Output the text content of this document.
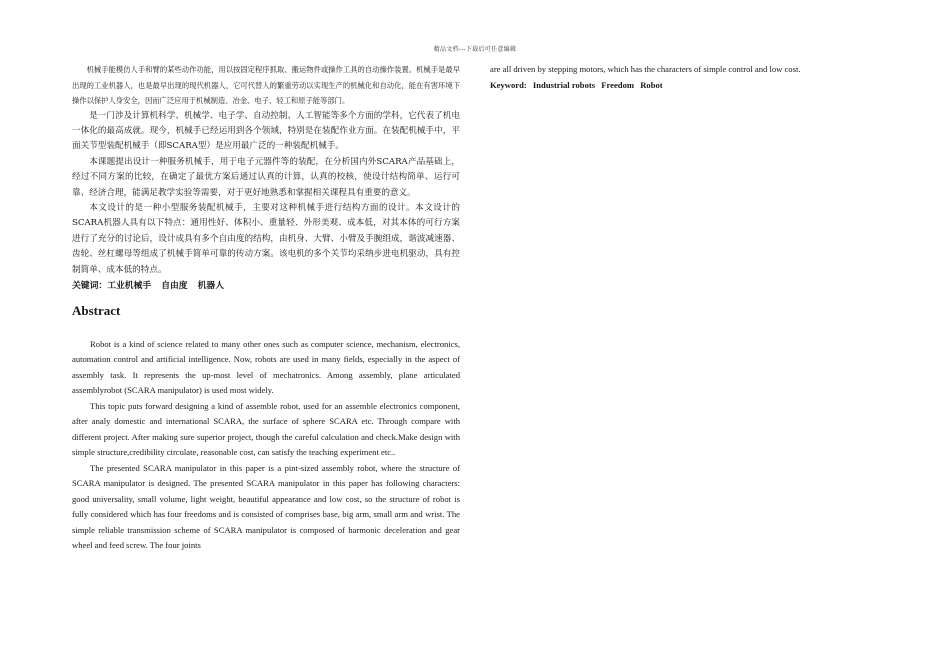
精品文档---下载后可任意编辑

机械手能模仿人手和臂的某些动作功能，用以按固定程序抓取、搬运物件或操作工具的自动操作装置。机械手是最早出现的工业机器人，也是最早出现的现代机器人，它可代替人的繁重劳动以实现生产的机械化和自动化，能在有害环境下操作以保护人身安全，因而广泛应用于机械制造、冶金、电子、轻工和原子能等部门。

是一门涉及计算机科学、机械学、电子学、自动控制、人工智能等多个方面的学科，它代表了机电一体化的最高成就。现今，机械手已经运用到各个领域，特别是在装配作业方面。在装配机械手中，平面关节型装配机械手（即SCARA型）是应用最广泛的一种装配机械手。

本课题提出设计一种服务机械手，用于电子元器件等的装配，在分析国内外SCARA产品基础上，经过不同方案的比较，在确定了最优方案后通过认真的计算，认真的校核，使设计结构简单、运行可靠、经济合理，能满足教学实验等需要，对于更好地熟悉和掌握相关课程具有重要的意义。

本文设计的是一种小型服务装配机械手，主要对这种机械手进行结构方面的设计。本文设计的SCARA机器人具有以下特点：通用性好、体积小、重量轻、外形美观、成本低，对其本体的可行方案进行了充分的讨论后，设计成具有多个自由度的结构，由机身、大臂、小臂及手腕组成，谐波减速器、齿轮、丝杠螺母等组成了机械手简单可靠的传动方案。该电机的多个关节均采纳步进电机驱动，具有控制简单、成本低的特点。

关键词：工业机械手 自由度 机器人
Abstract

Robot is a kind of science related to many other ones such as computer science, mechanism, electronics, automation control and artificial intelligence. Now, robots are used in many fields, especially in the aspect of assembly task. It represents the up-most level of mechatronics. Among assembly, plane articulated assemblyrobot (SCARA manipulator) is used most widely.

This topic puts forward designing a kind of assemble robot, used for an assemble electronics component, after analy domestic and international SCARA, the surface of sphere SCARA etc. Through compare with different project. After making sure superior project, though the careful calculation and check.Make design with simple structure,credibility circulate, reasonable cost, can satisfy the teaching experiment etc..

The presented SCARA manipulator in this paper is a pint-sized assembly robot, where the structure of SCARA manipulator is designed. The presented SCARA manipulator in this paper has following characters: good universality, small volume, light weight, beautiful appearance and low cost, so the structure of robot is fully considered which has four freedoms and is consisted of comprises base, big arm, small arm and wrist. The simple reliable transmission scheme of SCARA manipulator is composed of harmonic deceleration and gear wheel and feed screw. The four joints

are all driven by stepping motors, which has the characters of simple control and low cost.

Keyword: Industrial robots Freedom Robot
